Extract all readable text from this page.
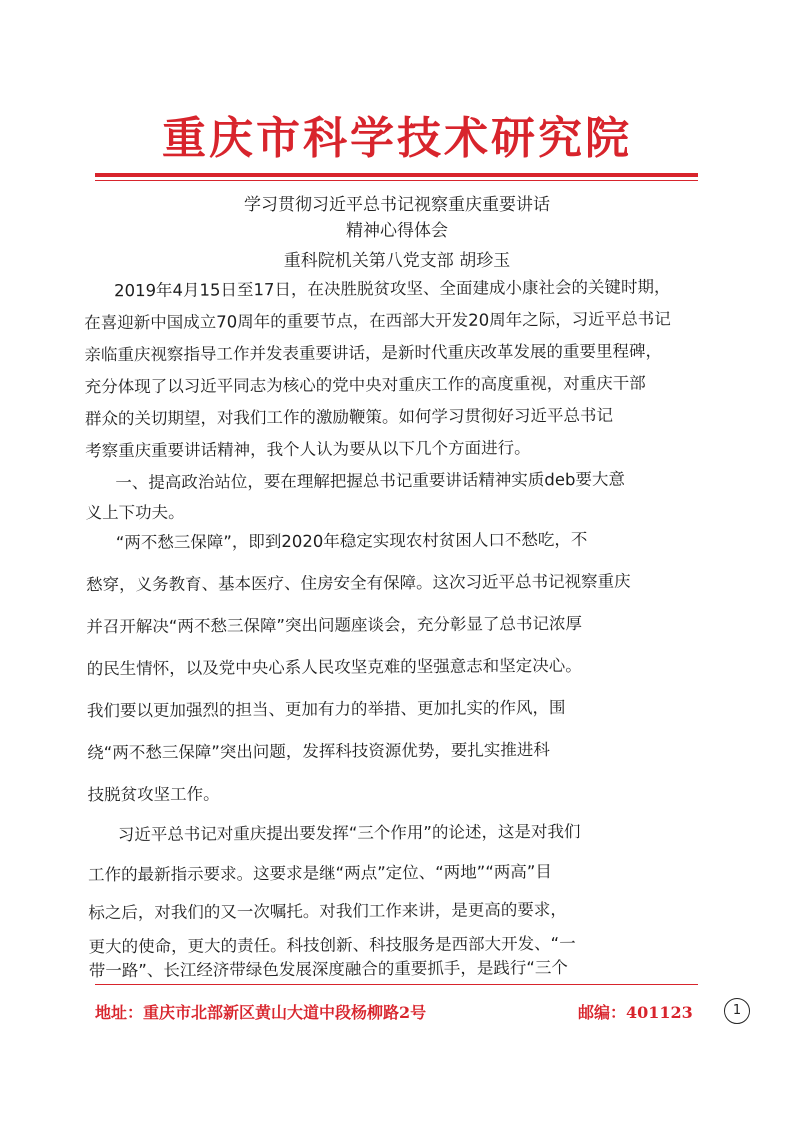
重庆市科学技术研究院
学习贯彻习近平总书记视察重庆重要讲话
精神心得体会
重科院机关第八党支部 胡珍玉
2019年4月15日至17日，在决胜脱贫攻坚、全面建成小康社会的关键时期，
在喜迎新中国成立70周年的重要节点，在西部大开发20周年之际，习近平总书记
亲临重庆视察指导工作并发表重要讲话，是新时代重庆改革发展的重要里程碑，
充分体现了以习近平同志为核心的党中央对重庆工作的高度重视，对重庆干部
群众的关切期望，对我们工作的激励鞭策。如何学习贯彻好习近平总书记
考察重庆重要讲话精神，我个人认为要从以下几个方面进行。
一、提高政治站位，要在理解把握总书记重要讲话精神实质deb要大意
义上下功夫。
“两不愁三保障”，即到2020年稳定实现农村贫困人口不愁吃，不
愁穿，义务教育、基本医疗、住房安全有保障。这次习近平总书记视察重庆
并召开解决“两不愁三保障”突出问题座谈会，充分彰显了总书记浓厚
的民生情怀，以及党中央心系人民攻坚克难的坚强意志和坚定决心。
我们要以更加强烈的担当、更加有力的举措、更加扎实的作风，围
绕“两不愁三保障”突出问题，发挥科技资源优势，要扎实推进科
技脱贫攻坚工作。
习近平总书记对重庆提出要发挥“三个作用”的论述，这是对我们
工作的最新指示要求。这要求是继“两点”定位、“两地”“两高”目
标之后，对我们的又一次嘱托。对我们工作来讲，是更高的要求，
更大的使命，更大的责任。科技创新、科技服务是西部大开发、“一
带一路”、长江经济带绿色发展深度融合的重要抓手，是践行“三个
地址：重庆市北部新区黄山大道中段杨柳路2号	邮编：401123	1
